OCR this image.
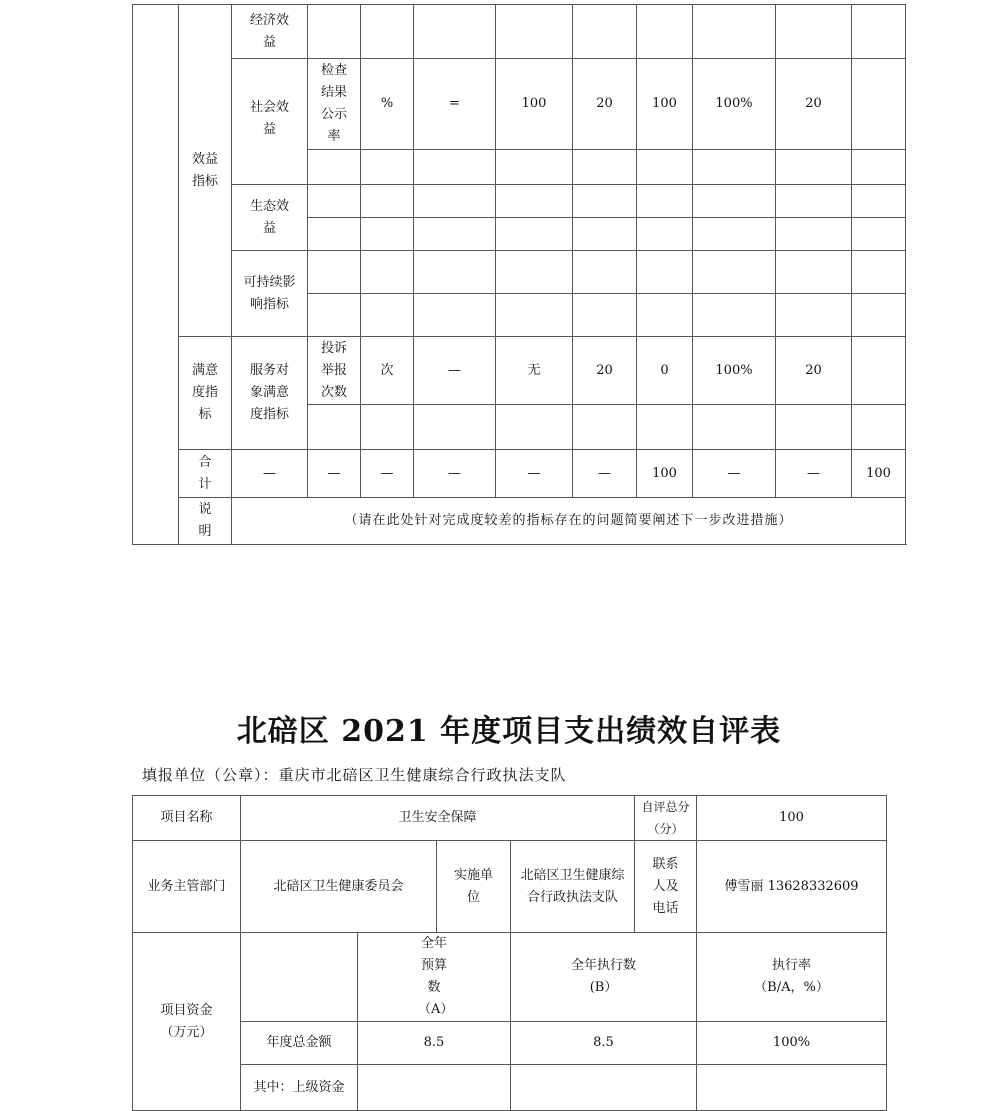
	效益指标	经济效益										
		社会效益	检查结果公示率	%	=	100	20	100	100%	20		

		生态效益										

		可持续影响指标										

	满意度指标	服务对象满意度指标	投诉举报次数	次	—	无	20	0	100%	20		

	合计	—	—	—	—	—	—	100	—	—	100	
	说明	（请在此处针对完成度较差的指标存在的问题简要阐述下一步改进措施）										
北碚区 2021 年度项目支出绩效自评表
填报单位（公章）：重庆市北碚区卫生健康综合行政执法支队
项目名称	卫生安全保障				自评总分（分）	100
业务主管部门	北碚区卫生健康委员会		实施单位	北碚区卫生健康综合行政执法支队	联系人及电话	傅雪丽 13628332609
项目资金（万元）		全年预算数（A）		全年执行数(B）		执行率（B/A，%）
	年度总金额	8.5		8.5		100%
	其中：上级资金					
